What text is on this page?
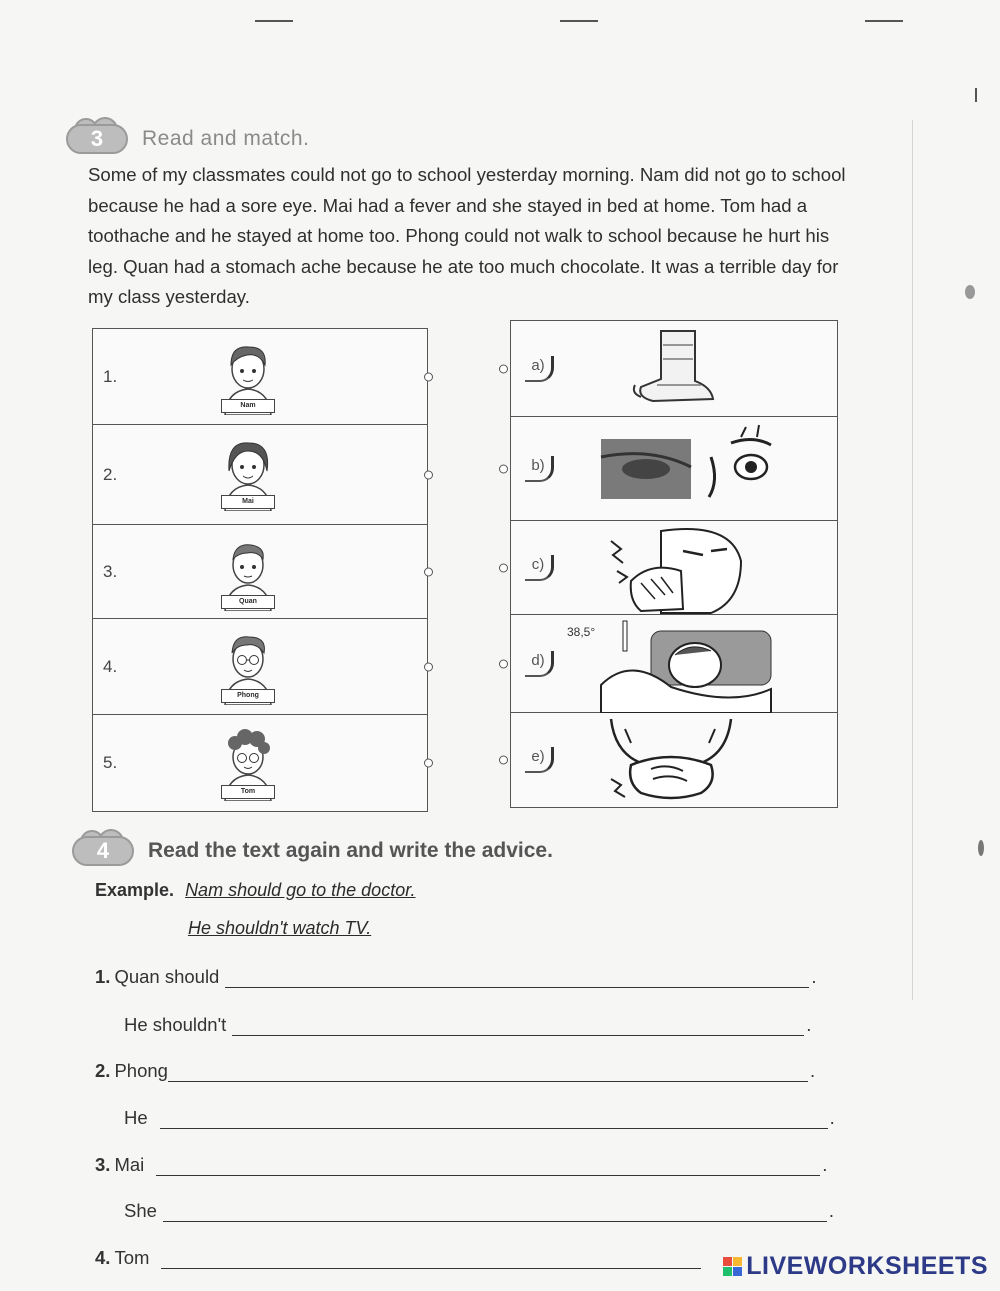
3	Read and match.
Some of my classmates could not go to school yesterday morning. Nam did not go to school because he had a sore eye. Mai had a fever and she stayed in bed at home. Tom had a toothache and he stayed at home too. Phong could not walk to school because he hurt his leg. Quan had a stomach ache because he ate too much chocolate. It was a terrible day for my class yesterday.
1.
Nam
2.
Mai
3.
Quan
4.
Phong
5.
Tom
a)
b)
c)
d)
38,5°
e)
4	Read the text again and write the advice.
Example. Nam should go to the doctor.
He shouldn't watch TV.
1. Quan should	.
He shouldn't	.
2. Phong	.
He	.
3. Mai	.
She	.
4. Tom	LIVEWORKSHEETS
